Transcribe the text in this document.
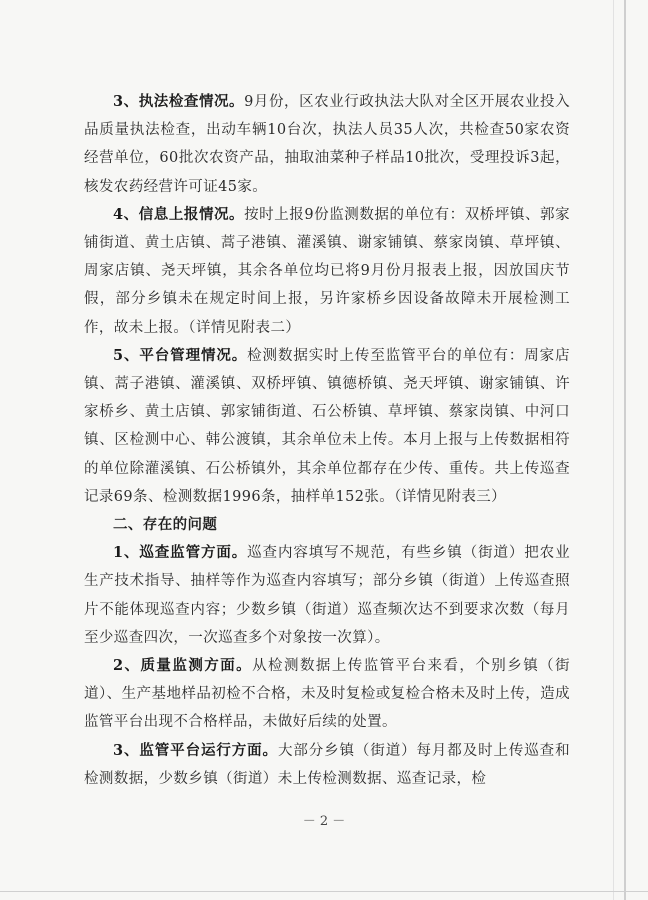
3、执法检查情况。9月份，区农业行政执法大队对全区开展农业投入品质量执法检查，出动车辆10台次，执法人员35人次，共检查50家农资经营单位，60批次农资产品，抽取油菜种子样品10批次，受理投诉3起，核发农药经营许可证45家。

4、信息上报情况。按时上报9份监测数据的单位有：双桥坪镇、郭家铺街道、黄土店镇、蒿子港镇、灌溪镇、谢家铺镇、蔡家岗镇、草坪镇、周家店镇、尧天坪镇，其余各单位均已将9月份月报表上报，因放国庆节假，部分乡镇未在规定时间上报，另许家桥乡因设备故障未开展检测工作，故未上报。（详情见附表二）

5、平台管理情况。检测数据实时上传至监管平台的单位有：周家店镇、蒿子港镇、灌溪镇、双桥坪镇、镇德桥镇、尧天坪镇、谢家铺镇、许家桥乡、黄土店镇、郭家铺街道、石公桥镇、草坪镇、蔡家岗镇、中河口镇、区检测中心、韩公渡镇，其余单位未上传。本月上报与上传数据相符的单位除灌溪镇、石公桥镇外，其余单位都存在少传、重传。共上传巡查记录69条、检测数据1996条，抽样单152张。（详情见附表三）

二、存在的问题

1、巡查监管方面。巡查内容填写不规范，有些乡镇（街道）把农业生产技术指导、抽样等作为巡查内容填写；部分乡镇（街道）上传巡查照片不能体现巡查内容；少数乡镇（街道）巡查频次达不到要求次数（每月至少巡查四次，一次巡查多个对象按一次算）。

2、质量监测方面。从检测数据上传监管平台来看，个别乡镇（街道）、生产基地样品初检不合格，未及时复检或复检合格未及时上传，造成监管平台出现不合格样品，未做好后续的处置。

3、监管平台运行方面。大部分乡镇（街道）每月都及时上传巡查和检测数据，少数乡镇（街道）未上传检测数据、巡查记录，检

－ 2 －
